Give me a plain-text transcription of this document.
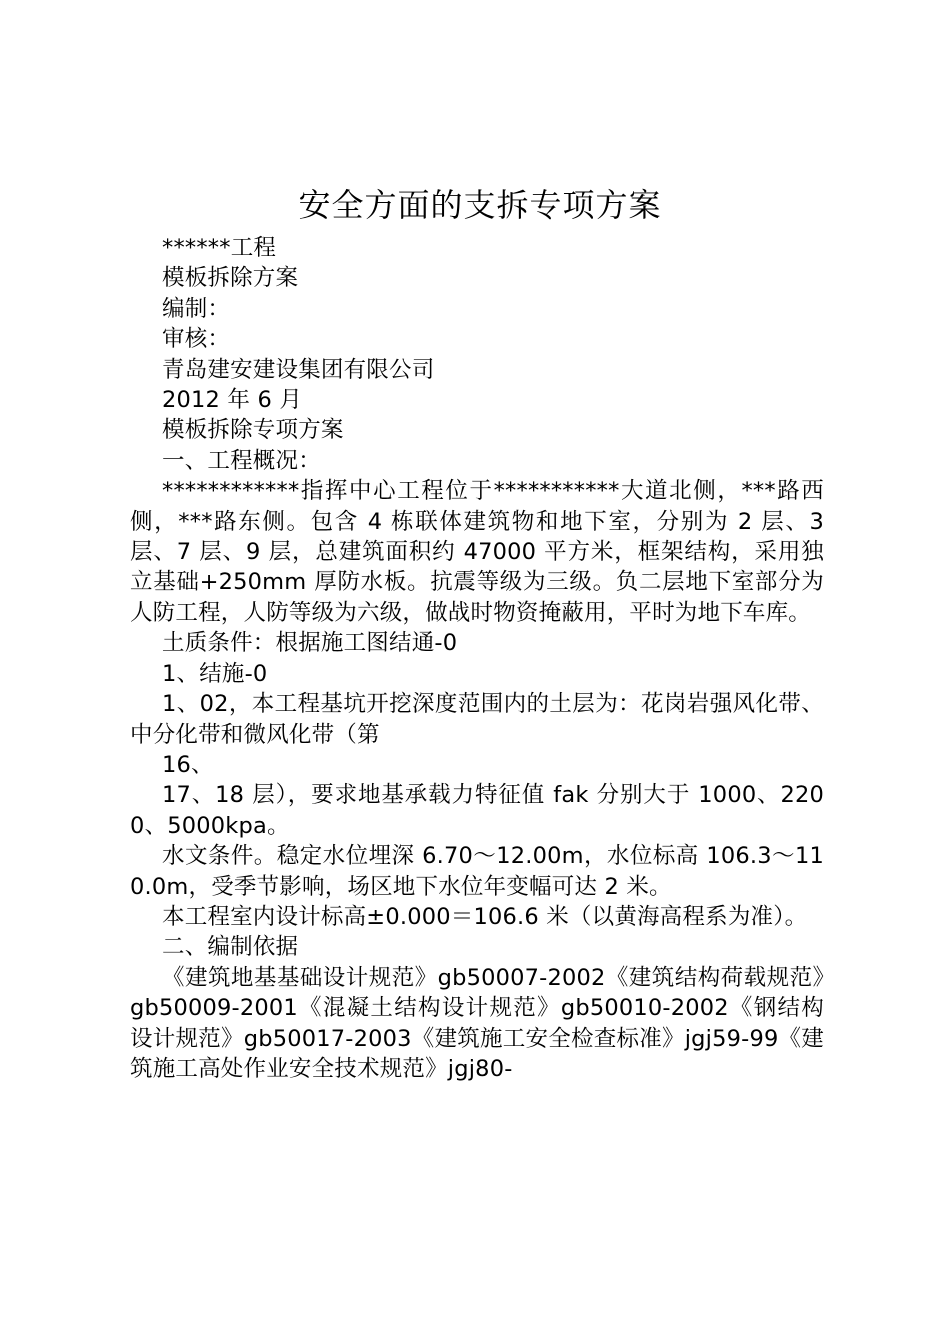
安全方面的支拆专项方案

******工程

模板拆除方案

编制：

审核：

青岛建安建设集团有限公司

2012 年 6 月

模板拆除专项方案

一、工程概况：

************指挥中心工程位于***********大道北侧，***路西侧，***路东侧。包含 4 栋联体建筑物和地下室，分别为 2 层、3 层、7 层、9 层，总建筑面积约 47000 平方米，框架结构，采用独立基础+250mm 厚防水板。抗震等级为三级。负二层地下室部分为人防工程，人防等级为六级，做战时物资掩蔽用，平时为地下车库。

土质条件：根据施工图结通-0

1、结施-0

1、02，本工程基坑开挖深度范围内的土层为：花岗岩强风化带、中分化带和微风化带（第

16、

17、18 层），要求地基承载力特征值 fak 分别大于 1000、2200、5000kpa。

水文条件。稳定水位埋深 6.70～12.00m，水位标高 106.3～110.0m，受季节影响，场区地下水位年变幅可达 2 米。

本工程室内设计标高±0.000＝106.6 米（以黄海高程系为准）。

二、编制依据

《建筑地基基础设计规范》gb50007-2002《建筑结构荷载规范》gb50009-2001《混凝土结构设计规范》gb50010-2002《钢结构设计规范》gb50017-2003《建筑施工安全检查标准》jgj59-99《建筑施工高处作业安全技术规范》jgj80-
